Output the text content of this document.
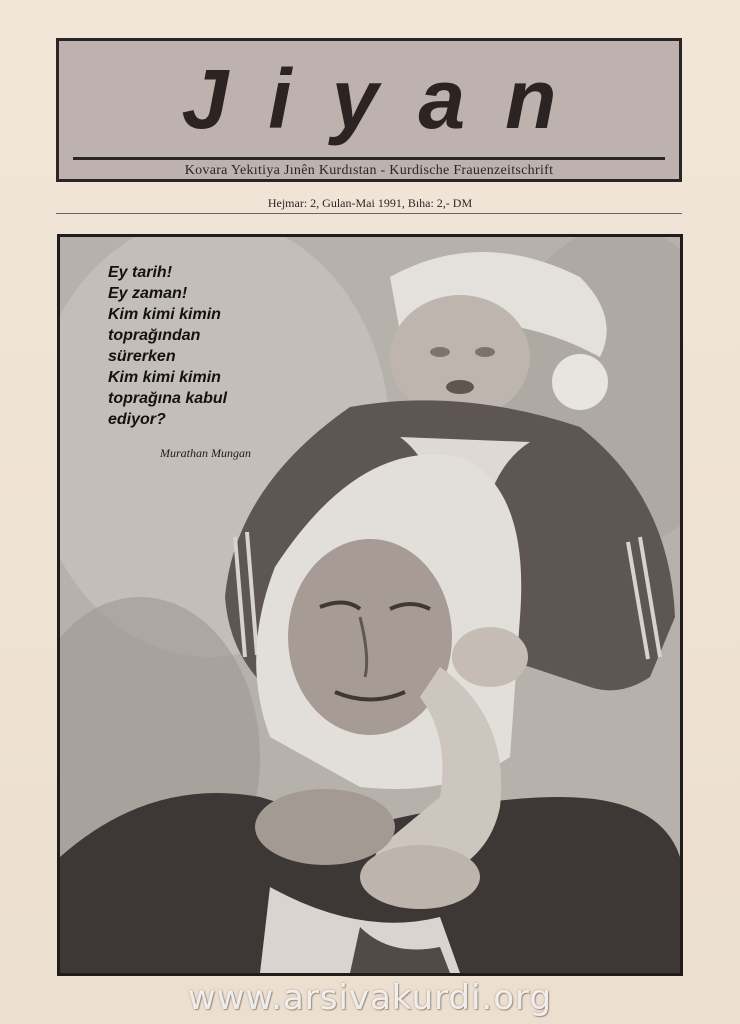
Jiyan
Kovara Yekıtiya Jınên Kurdıstan - Kurdische Frauenzeitschrift
Hejmar: 2, Gulan-Mai 1991, Bıha: 2,- DM
Ey tarih!
Ey zaman!
Kim kimi kimin
toprağından
sürerken
Kim kimi kimin
toprağına kabul
ediyor?
Murathan Mungan
www.arsivakurdi.org
